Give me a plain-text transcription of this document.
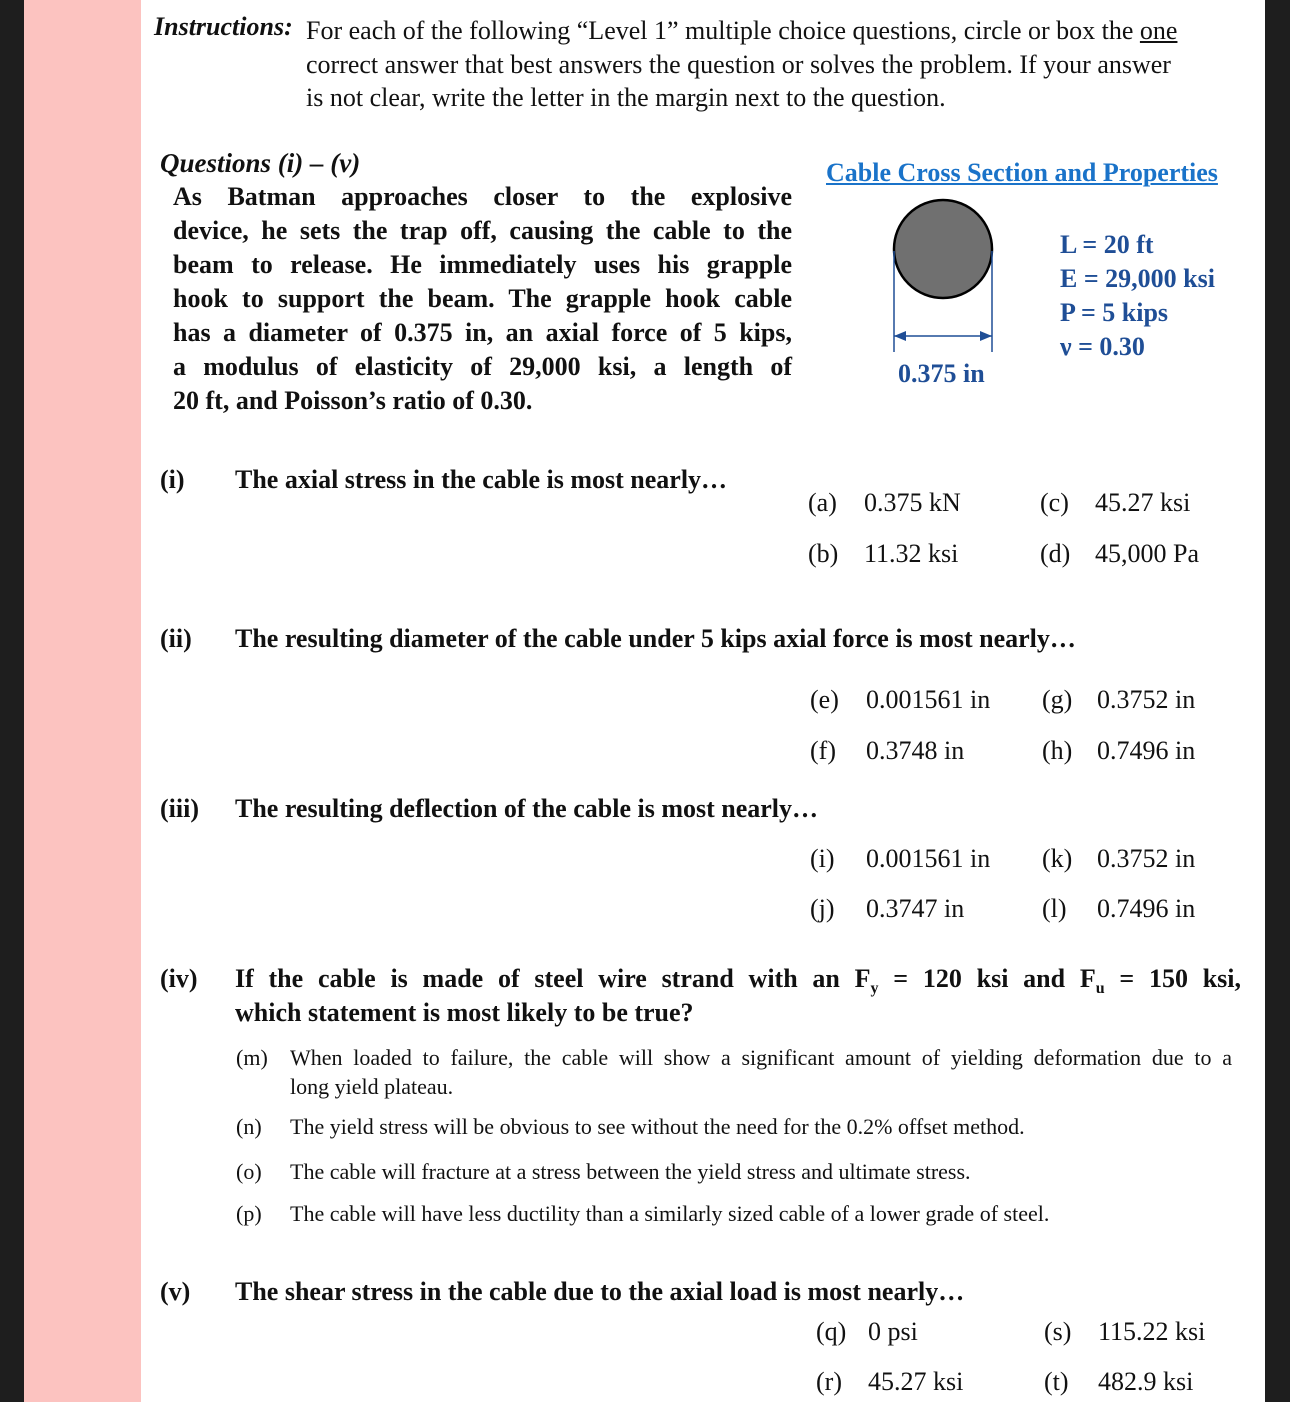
Instructions: For each of the following “Level 1” multiple choice questions, circle or box the one
correct answer that best answers the question or solves the problem. If your answer
is not clear, write the letter in the margin next to the question.
Questions (i) – (v)
As Batman approaches closer to the explosive
device, he sets the trap off, causing the cable to the
beam to release. He immediately uses his grapple
hook to support the beam. The grapple hook cable
has a diameter of 0.375 in, an axial force of 5 kips,
a modulus of elasticity of 29,000 ksi, a length of
20 ft, and Poisson’s ratio of 0.30.
Cable Cross Section and Properties
0.375 in
L = 20 ft
E = 29,000 ksi
P = 5 kips
ν = 0.30
(i) The axial stress in the cable is most nearly…
(a) 0.375 kN
(b) 11.32 ksi
(c) 45.27 ksi
(d) 45,000 Pa
(ii) The resulting diameter of the cable under 5 kips axial force is most nearly…
(e) 0.001561 in
(f) 0.3748 in
(g) 0.3752 in
(h) 0.7496 in
(iii) The resulting deflection of the cable is most nearly…
(i) 0.001561 in
(j) 0.3747 in
(k) 0.3752 in
(l) 0.7496 in
(iv) If the cable is made of steel wire strand with an $F_y = 120$ ksi and $F_u = 150$ ksi,
which statement is most likely to be true?
(m) When loaded to failure, the cable will show a significant amount of yielding deformation due to a
long yield plateau.
(n) The yield stress will be obvious to see without the need for the 0.2% offset method.
(o) The cable will fracture at a stress between the yield stress and ultimate stress.
(p) The cable will have less ductility than a similarly sized cable of a lower grade of steel.
(v) The shear stress in the cable due to the axial load is most nearly…
(q) 0 psi
(r) 45.27 ksi
(s) 115.22 ksi
(t) 482.9 ksi
